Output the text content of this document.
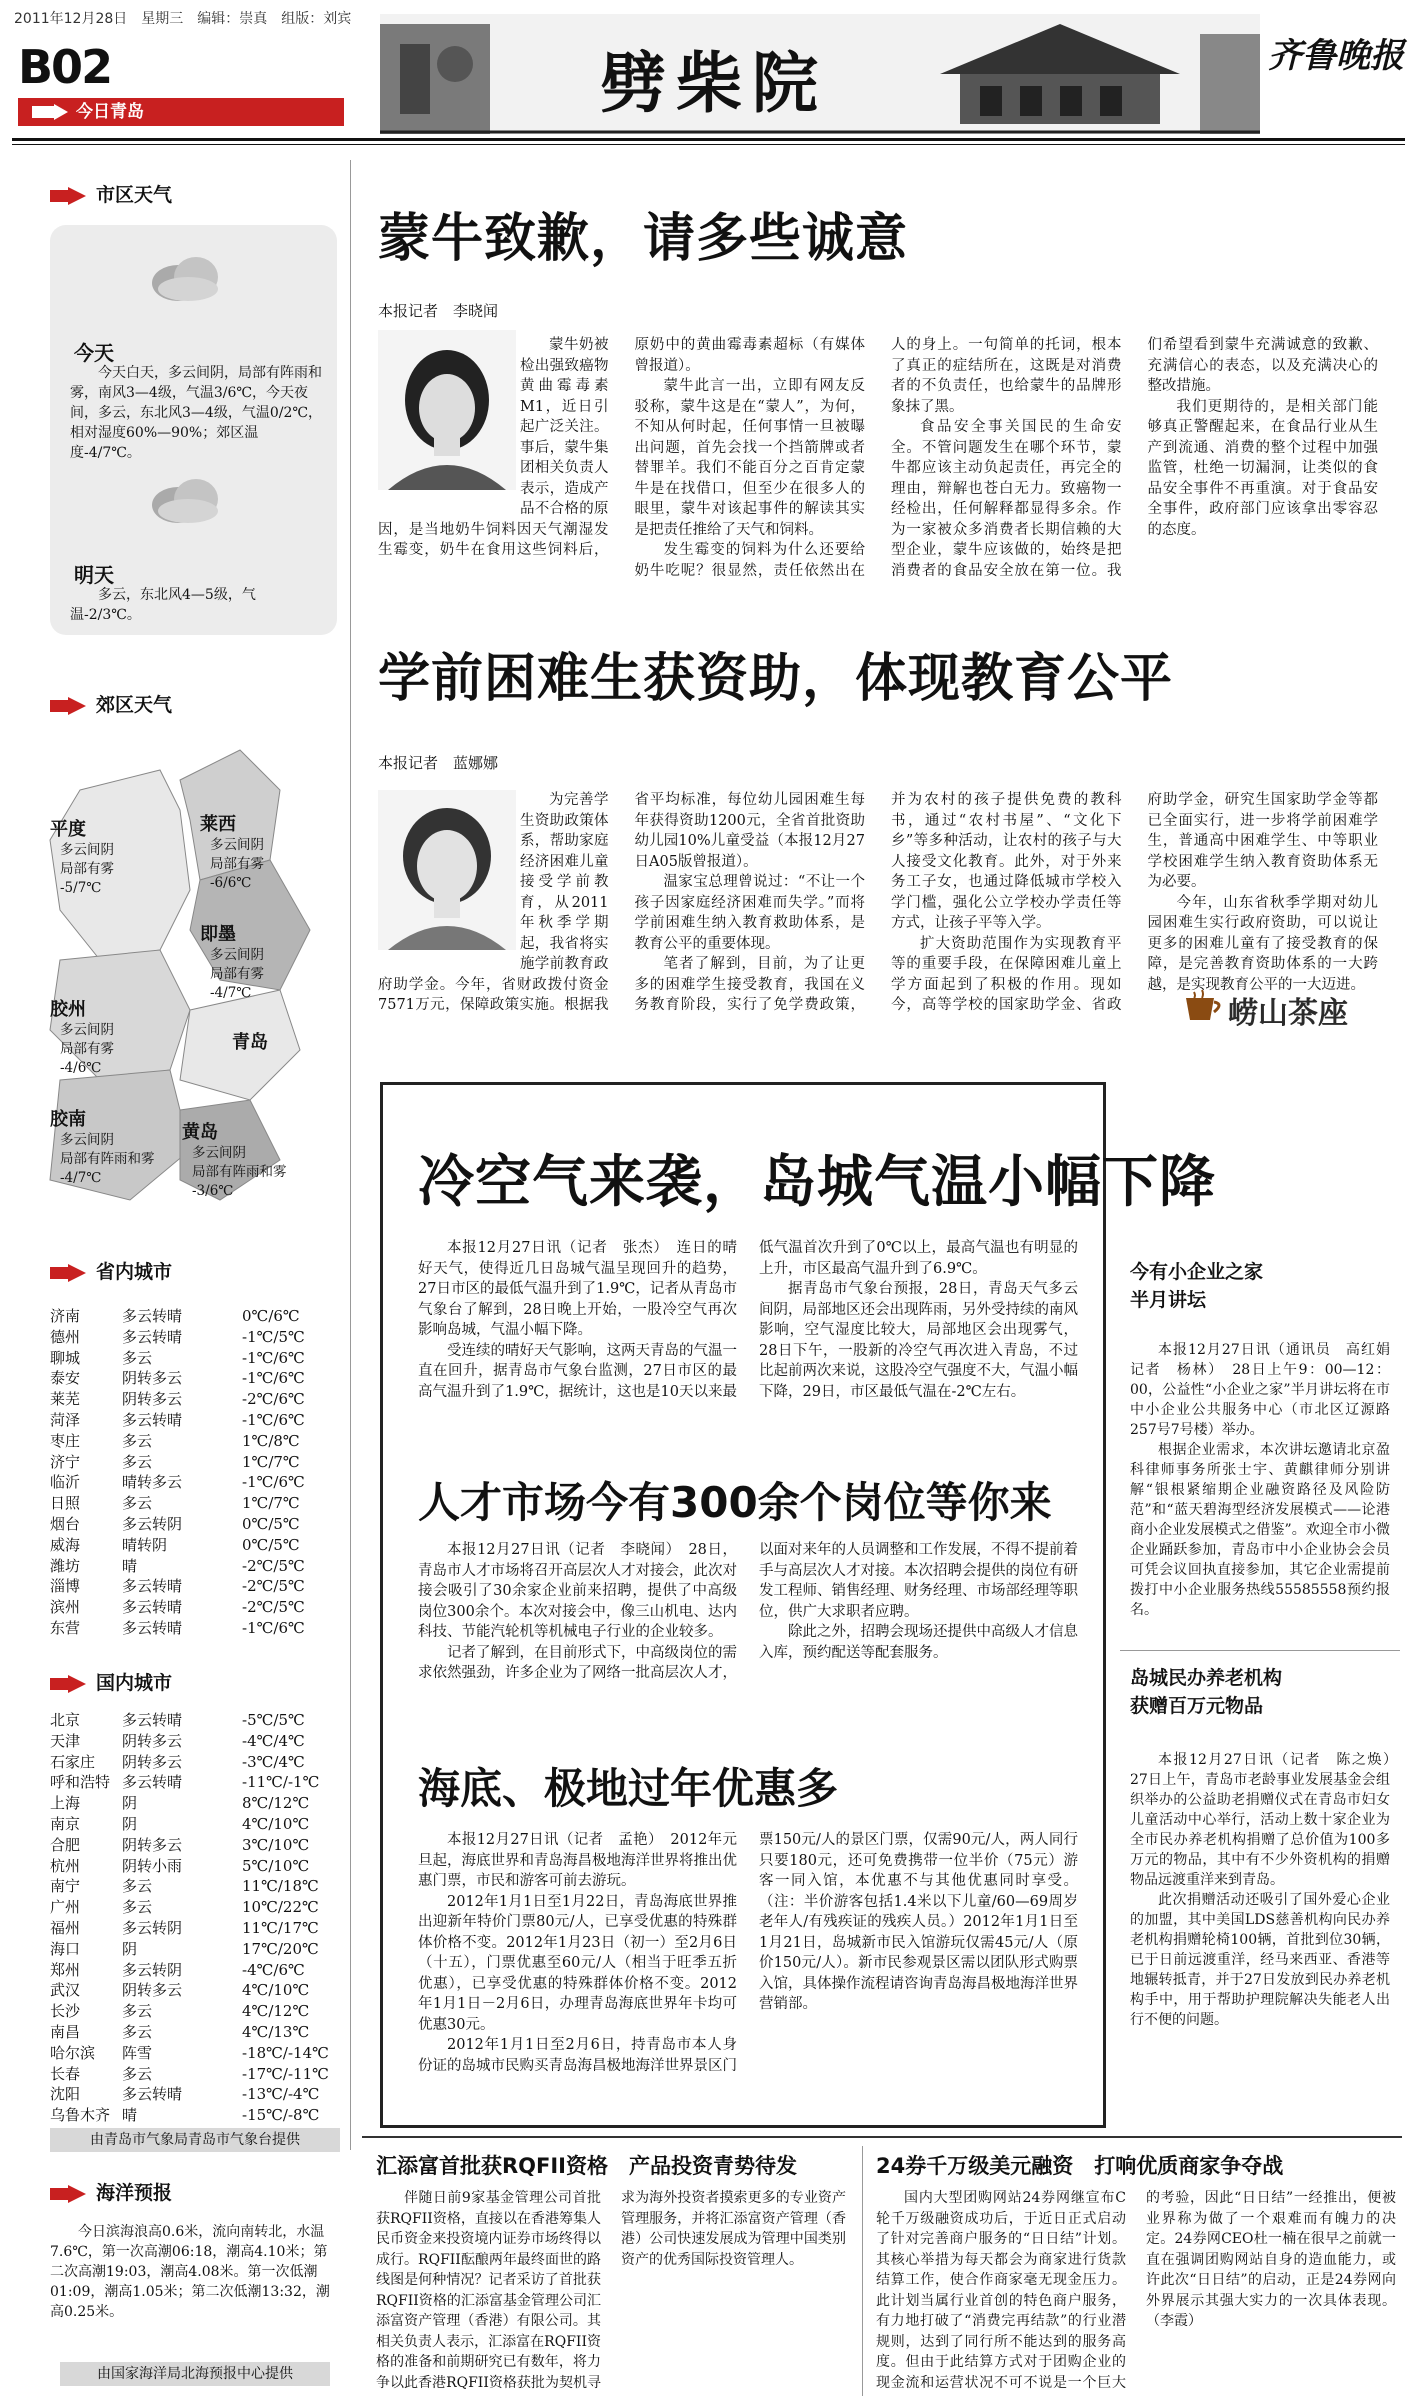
2011年12月28日　星期三　编辑：崇真　组版：刘宾
B02
今日青岛	劈柴院	齐鲁晚报
市区天气
今天
今天白天，多云间阴，局部有阵雨和雾，南风3—4级，气温3/6℃，今天夜间，多云，东北风3—4级，气温0/2℃，相对湿度60%—90%；郊区温度-4/7℃。
明天
多云，东北风4—5级，气温-2/3℃。
郊区天气
平度
多云间阴
局部有雾
-5/7℃
莱西
多云间阴
局部有雾
-6/6℃
即墨
多云间阴
局部有雾
-4/7℃
胶州
多云间阴
局部有雾
-4/6℃
青岛
胶南
多云间阴
局部有阵雨和雾
-4/7℃
黄岛
多云间阴
局部有阵雨和雾
-3/6℃
省内城市
济南	多云转晴	0℃/6℃
德州	多云转晴	-1℃/5℃
聊城	多云	-1℃/6℃
泰安	阴转多云	-1℃/6℃
莱芜	阴转多云	-2℃/6℃
菏泽	多云转晴	-1℃/6℃
枣庄	多云	1℃/8℃
济宁	多云	1℃/7℃
临沂	晴转多云	-1℃/6℃
日照	多云	1℃/7℃
烟台	多云转阴	0℃/5℃
威海	晴转阴	0℃/5℃
潍坊	晴	-2℃/5℃
淄博	多云转晴	-2℃/5℃
滨州	多云转晴	-2℃/5℃
东营	多云转晴	-1℃/6℃
国内城市
北京	多云转晴	-5℃/5℃
天津	阴转多云	-4℃/4℃
石家庄	阴转多云	-3℃/4℃
呼和浩特 多云转晴	-11℃/-1℃
上海	阴	8℃/12℃
南京	阴	4℃/10℃
合肥	阴转多云	3℃/10℃
杭州	阴转小雨	5℃/10℃
南宁	多云	11℃/18℃
广州	多云	10℃/22℃
福州	多云转阴	11℃/17℃
海口	阴	17℃/20℃
郑州	多云转阴	-4℃/6℃
武汉	阴转多云	4℃/10℃
长沙	多云	4℃/12℃
南昌	多云	4℃/13℃
哈尔滨	阵雪	-18℃/-14℃
长春	多云	-17℃/-11℃
沈阳	多云转晴	-13℃/-4℃
乌鲁木齐 晴	-15℃/-8℃
由青岛市气象局青岛市气象台提供
海洋预报
今日滨海浪高0.6米，流向南转北，水温7.6℃，第一次高潮06:18，潮高4.10米；第二次高潮19:03，潮高4.08米。第一次低潮01:09，潮高1.05米；第二次低潮13:32，潮高0.25米。
由国家海洋局北海预报中心提供
蒙牛致歉，请多些诚意
本报记者　李晓闻

蒙牛奶被检出强致癌物黄曲霉毒素M1，近日引起广泛关注。事后，蒙牛集团相关负责人表示，造成产品不合格的原因，是当地奶牛饲料因天气潮湿发生霉变，奶牛在食用这些饲料后，原奶中的黄曲霉毒素超标（有媒体曾报道）。

蒙牛此言一出，立即有网友反驳称，蒙牛这是在“蒙人”，为何，不知从何时起，任何事情一旦被曝出问题，首先会找一个挡箭牌或者替罪羊。我们不能百分之百肯定蒙牛是在找借口，但至少在很多人的眼里，蒙牛对该起事件的解读其实是把责任推给了天气和饲料。

发生霉变的饲料为什么还要给奶牛吃呢？很显然，责任依然出在人的身上。一句简单的托词，根本了真正的症结所在，这既是对消费者的不负责任，也给蒙牛的品牌形象抹了黑。

食品安全事关国民的生命安全。不管问题发生在哪个环节，蒙牛都应该主动负起责任，再完全的理由，辩解也苍白无力。致癌物一经检出，任何解释都显得多余。作为一家被众多消费者长期信赖的大型企业，蒙牛应该做的，始终是把消费者的食品安全放在第一位。我们希望看到蒙牛充满诚意的致歉、充满信心的表态，以及充满决心的整改措施。

我们更期待的，是相关部门能够真正警醒起来，在食品行业从生产到流通、消费的整个过程中加强监管，杜绝一切漏洞，让类似的食品安全事件不再重演。对于食品安全事件，政府部门应该拿出零容忍的态度。

学前困难生获资助，体现教育公平
本报记者　蓝娜娜

为完善学生资助政策体系，帮助家庭经济困难儿童接受学前教育，从2011年秋季学期起，我省将实施学前教育政府助学金。今年，省财政拨付资金7571万元，保障政策实施。根据我省平均标准，每位幼儿园困难生每年获得资助1200元，全省首批资助幼儿园10%儿童受益（本报12月27日A05版曾报道）。

温家宝总理曾说过：“不让一个孩子因家庭经济困难而失学。”而将学前困难生纳入教育救助体系，是教育公平的重要体现。

笔者了解到，目前，为了让更多的困难学生接受教育，我国在义务教育阶段，实行了免学费政策，并为农村的孩子提供免费的教科书，通过“农村书屋”、“文化下乡”等多种活动，让农村的孩子与大人接受文化教育。此外，对于外来务工子女，也通过降低城市学校入学门槛，强化公立学校办学责任等方式，让孩子平等入学。

扩大资助范围作为实现教育平等的重要手段，在保障困难儿童上学方面起到了积极的作用。现如今，高等学校的国家助学金、省政府助学金，研究生国家助学金等都已全面实行，进一步将学前困难学生，普通高中困难学生、中等职业学校困难学生纳入教育资助体系无为必要。

今年，山东省秋季学期对幼儿园困难生实行政府资助，可以说让更多的困难儿童有了接受教育的保障，是完善教育资助体系的一大跨越，是实现教育公平的一大迈进。

崂山茶座
冷空气来袭，岛城气温小幅下降

本报12月27日讯（记者　张杰）　连日的晴好天气，使得近几日岛城气温呈现回升的趋势，27日市区的最低气温升到了1.9℃，记者从青岛市气象台了解到，28日晚上开始，一股冷空气再次影响岛城，气温小幅下降。

受连续的晴好天气影响，这两天青岛的气温一直在回升，据青岛市气象台监测，27日市区的最高气温升到了1.9℃，据统计，这也是10天以来最低气温首次升到了0℃以上，最高气温也有明显的上升，市区最高气温升到了6.9℃。

据青岛市气象台预报，28日，青岛天气多云间阴，局部地区还会出现阵雨，另外受持续的南风影响，空气湿度比较大，局部地区会出现雾气，28日下午，一股新的冷空气再次进入青岛，不过比起前两次来说，这股冷空气强度不大，气温小幅下降，29日，市区最低气温在-2℃左右。

人才市场今有300余个岗位等你来

本报12月27日讯（记者　李晓闻）　28日，青岛市人才市场将召开高层次人才对接会，此次对接会吸引了30余家企业前来招聘，提供了中高级岗位300余个。本次对接会中，像三山机电、达内科技、节能汽轮机等机械电子行业的企业较多。

记者了解到，在目前形式下，中高级岗位的需求依然强劲，许多企业为了网络一批高层次人才，以面对来年的人员调整和工作发展，不得不提前着手与高层次人才对接。本次招聘会提供的岗位有研发工程师、销售经理、财务经理、市场部经理等职位，供广大求职者应聘。

除此之外，招聘会现场还提供中高级人才信息入库，预约配送等配套服务。

海底、极地过年优惠多

本报12月27日讯（记者　孟艳）　2012年元旦起，海底世界和青岛海昌极地海洋世界将推出优惠门票，市民和游客可前去游玩。

2012年1月1日至1月22日，青岛海底世界推出迎新年特价门票80元/人，已享受优惠的特殊群体价格不变。2012年1月23日（初一）至2月6日（十五），门票优惠至60元/人（相当于旺季五折优惠），已享受优惠的特殊群体价格不变。2012年1月1日－2月6日，办理青岛海底世界年卡均可优惠30元。

2012年1月1日至2月6日，持青岛市本人身份证的岛城市民购买青岛海昌极地海洋世界景区门票150元/人的景区门票，仅需90元/人，两人同行只要180元，还可免费携带一位半价（75元）游客一同入馆，本优惠不与其他优惠同时享受。（注：半价游客包括1.4米以下儿童/60—69周岁老年人/有残疾证的残疾人员。）2012年1月1日至1月21日，岛城新市民入馆游玩仅需45元/人（原价150元/人）。新市民参观景区需以团队形式购票入馆，具体操作流程请咨询青岛海昌极地海洋世界营销部。

今有小企业之家
半月讲坛

本报12月27日讯（通讯员　高红娟　记者　杨林）　28日上午9：00—12：00，公益性“小企业之家”半月讲坛将在市中小企业公共服务中心（市北区辽源路257号7号楼）举办。

根据企业需求，本次讲坛邀请北京盈科律师事务所张士宇、黄麒律师分别讲解“银根紧缩期企业融资路径及风险防范”和“蓝天碧海型经济发展模式——论港商小企业发展模式之借鉴”。欢迎全市小微企业踊跃参加，青岛市中小企业协会会员可凭会议回执直接参加，其它企业需提前拨打中小企业服务热线55585558预约报名。

岛城民办养老机构
获赠百万元物品

本报12月27日讯（记者　陈之焕）　27日上午，青岛市老龄事业发展基金会组织举办的公益助老捐赠仪式在青岛市妇女儿童活动中心举行，活动上数十家企业为全市民办养老机构捐赠了总价值为100多万元的物品，其中有不少外资机构的捐赠物品远渡重洋来到青岛。

此次捐赠活动还吸引了国外爱心企业的加盟，其中美国LDS慈善机构向民办养老机构捐赠轮椅100辆，首批到位30辆，已于日前远渡重洋，经马来西亚、香港等地辗转抵青，并于27日发放到民办养老机构手中，用于帮助护理院解决失能老人出行不便的问题。

汇添富首批获RQFII资格　产品投资青势待发

伴随日前9家基金管理公司首批获RQFII资格，直接以在香港筹集人民币资金来投资境内证券市场终得以成行。RQFII酝酿两年最终面世的路线图是何种情况？记者采访了首批获RQFII资格的汇添富基金管理公司汇添富资产管理（香港）有限公司。其相关负责人表示，汇添富在RQFII资格的准备和前期研究已有数年，将力争以此香港RQFII资格获批为契机寻求为海外投资者摸索更多的专业资产管理服务，并将汇添富资产管理（香港）公司快速发展成为管理中国类别资产的优秀国际投资管理人。

24券千万级美元融资　打响优质商家争夺战

国内大型团购网站24券网继宣布C轮千万级融资成功后，于近日正式启动了针对完善商户服务的“日日结”计划。其核心举措为每天都会为商家进行货款结算工作，使合作商家毫无现金压力。此计划当属行业首创的特色商户服务，有力地打破了“消费完再结款”的行业潜规则，达到了同行所不能达到的服务高度。但由于此结算方式对于团购企业的现金流和运营状况不可不说是一个巨大的考验，因此“日日结”一经推出，便被业界称为做了一个艰难而有魄力的决定。24券网CEO杜一楠在很早之前就一直在强调团购网站自身的造血能力，或许此次“日日结”的启动，正是24券网向外界展示其强大实力的一次具体表现。（李霞）
